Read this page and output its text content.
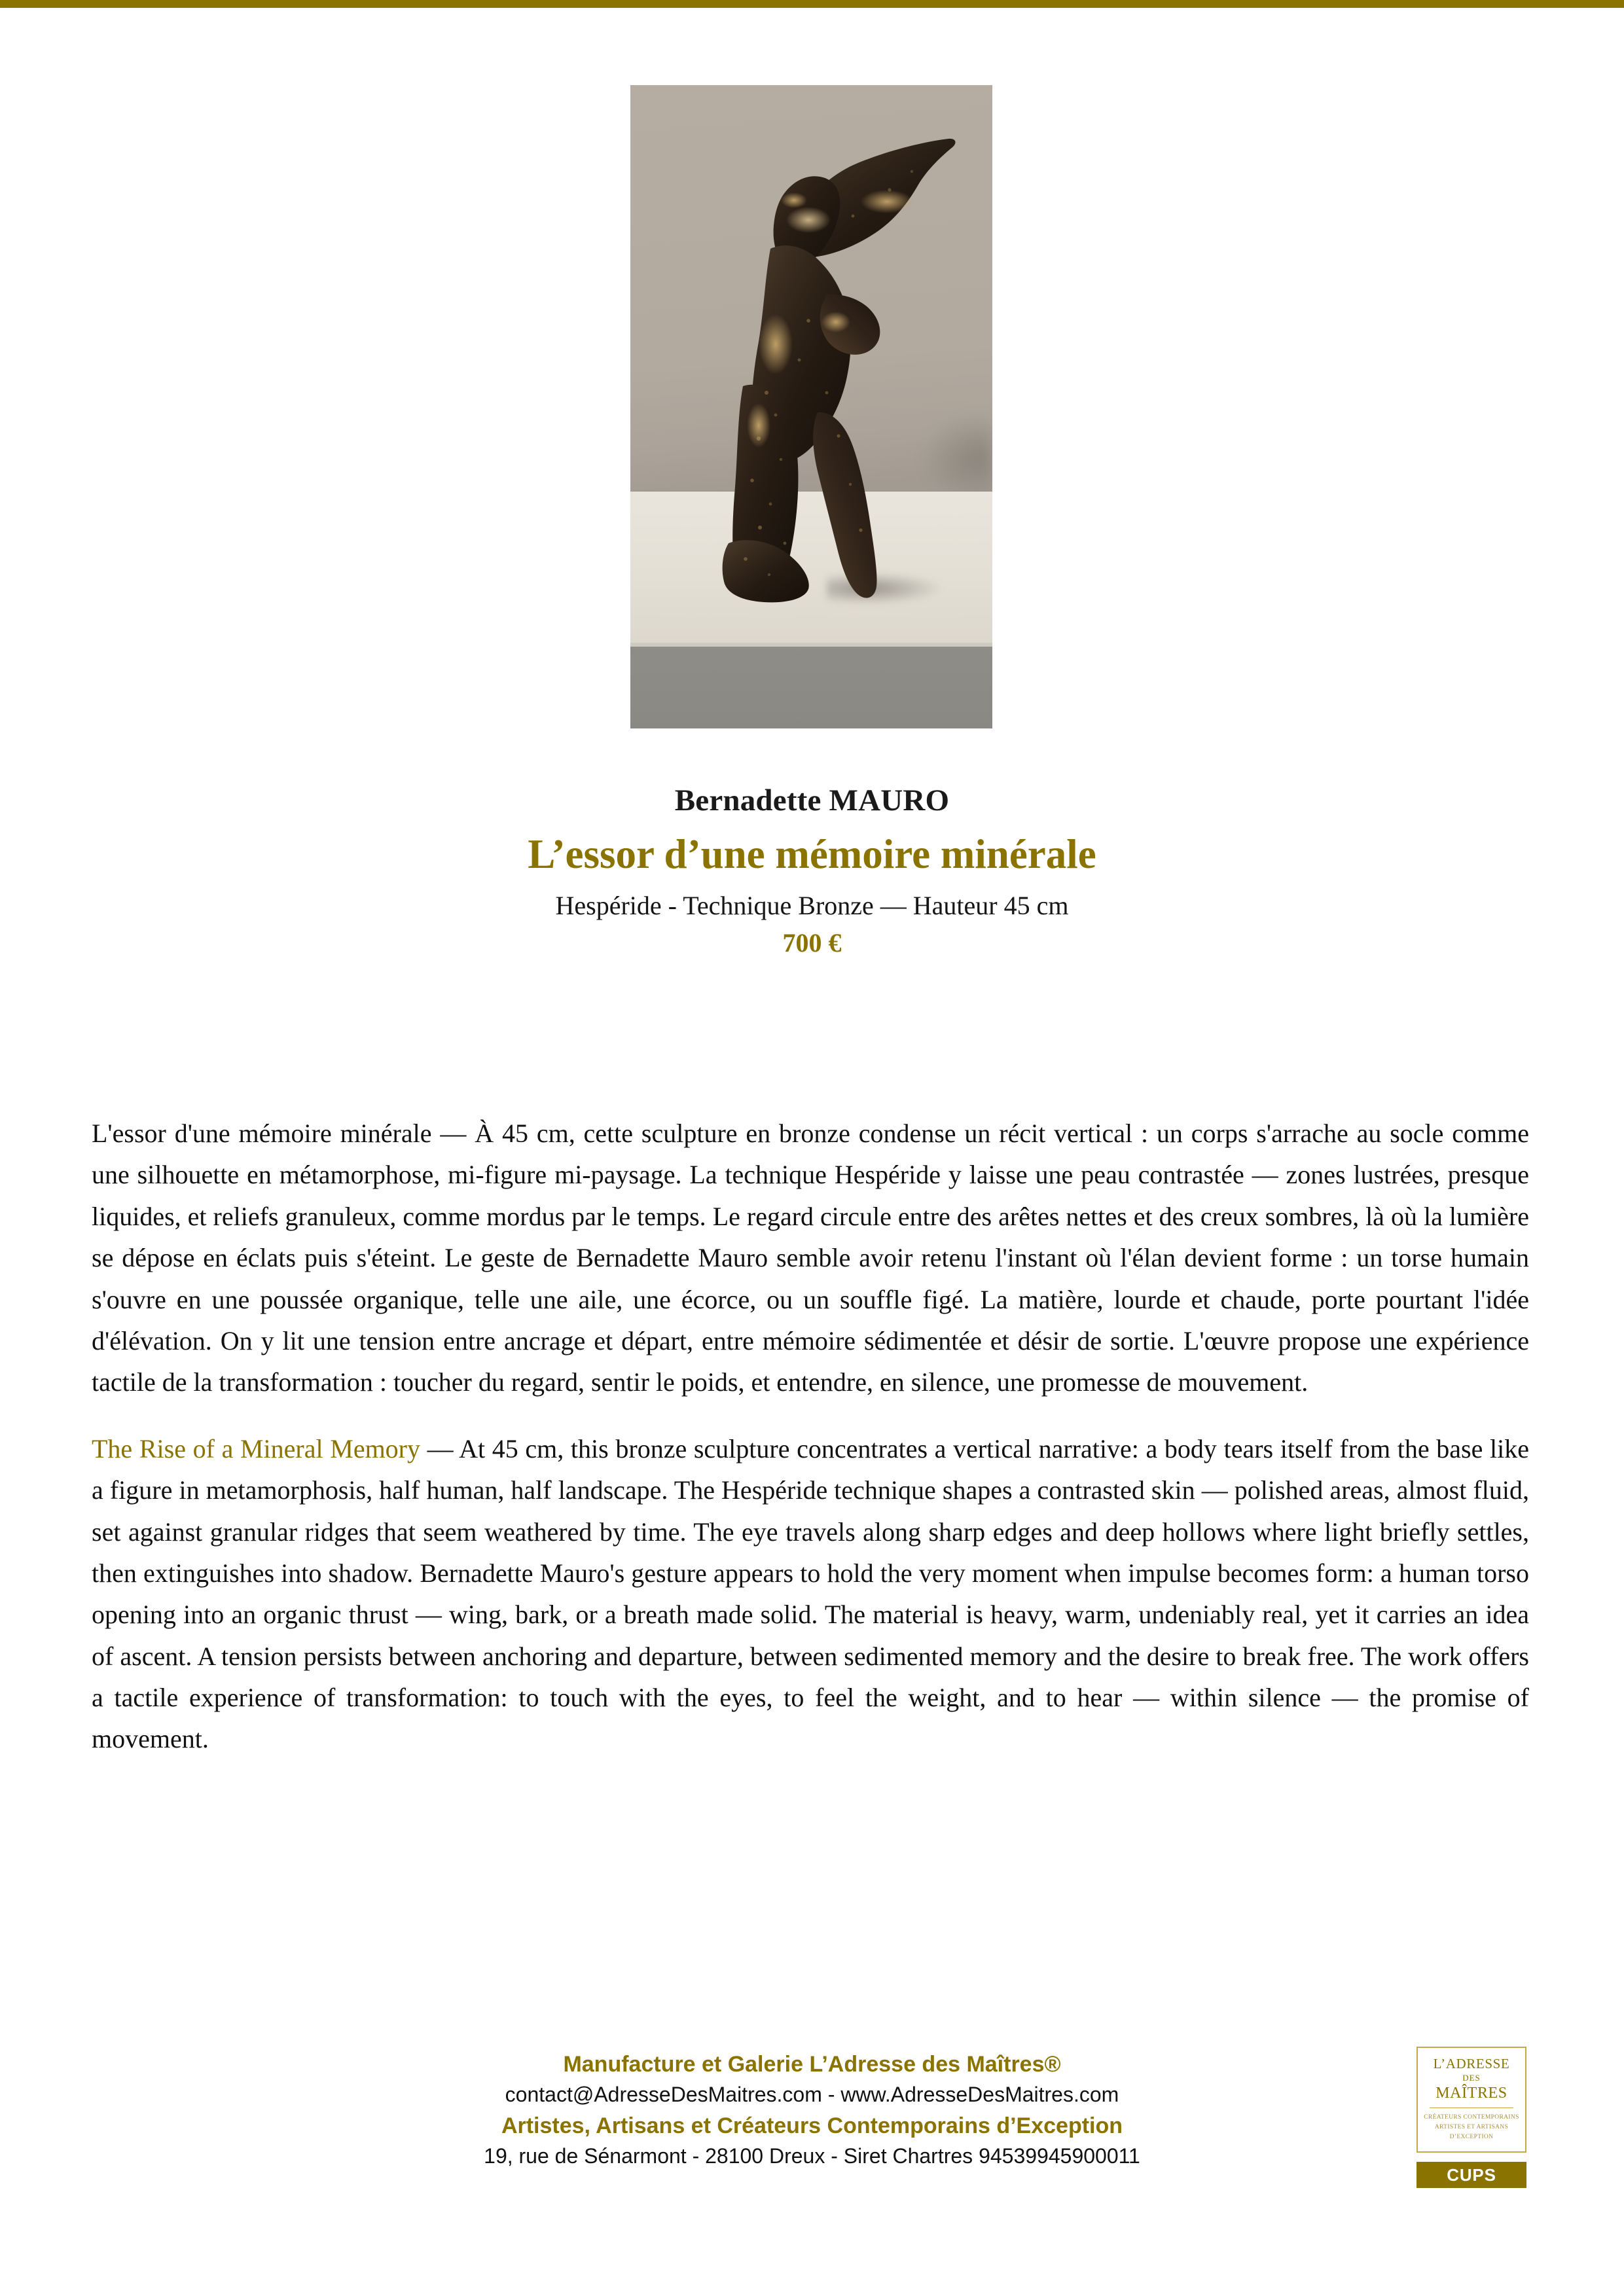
Bernadette MAURO
L’essor d’une mémoire minérale
Hespéride - Technique Bronze — Hauteur 45 cm
700 €

L'essor d'une mémoire minérale — À 45 cm, cette sculpture en bronze condense un récit vertical : un corps s'arrache au socle comme une silhouette en métamorphose, mi-figure mi-paysage. La technique Hespéride y laisse une peau contrastée — zones lustrées, presque liquides, et reliefs granuleux, comme mordus par le temps. Le regard circule entre des arêtes nettes et des creux sombres, là où la lumière se dépose en éclats puis s'éteint. Le geste de Bernadette Mauro semble avoir retenu l'instant où l'élan devient forme : un torse humain s'ouvre en une poussée organique, telle une aile, une écorce, ou un souffle figé. La matière, lourde et chaude, porte pourtant l'idée d'élévation. On y lit une tension entre ancrage et départ, entre mémoire sédimentée et désir de sortie. L'œuvre propose une expérience tactile de la transformation : toucher du regard, sentir le poids, et entendre, en silence, une promesse de mouvement.

The Rise of a Mineral Memory — At 45 cm, this bronze sculpture concentrates a vertical narrative: a body tears itself from the base like a figure in metamorphosis, half human, half landscape. The Hespéride technique shapes a contrasted skin — polished areas, almost fluid, set against granular ridges that seem weathered by time. The eye travels along sharp edges and deep hollows where light briefly settles, then extinguishes into shadow. Bernadette Mauro's gesture appears to hold the very moment when impulse becomes form: a human torso opening into an organic thrust — wing, bark, or a breath made solid. The material is heavy, warm, undeniably real, yet it carries an idea of ascent. A tension persists between anchoring and departure, between sedimented memory and the desire to break free. The work offers a tactile experience of transformation: to touch with the eyes, to feel the weight, and to hear — within silence — the promise of movement.

Manufacture et Galerie L’Adresse des Maîtres®
contact@AdresseDesMaitres.com - www.AdresseDesMaitres.com
Artistes, Artisans et Créateurs Contemporains d’Exception
19, rue de Sénarmont - 28100 Dreux - Siret Chartres 94539945900011
L’ADRESSE
DES
MAÎTRES
CRÉATEURS CONTEMPORAINS
ARTISTES ET ARTISANS
D’EXCEPTION
CUPS
